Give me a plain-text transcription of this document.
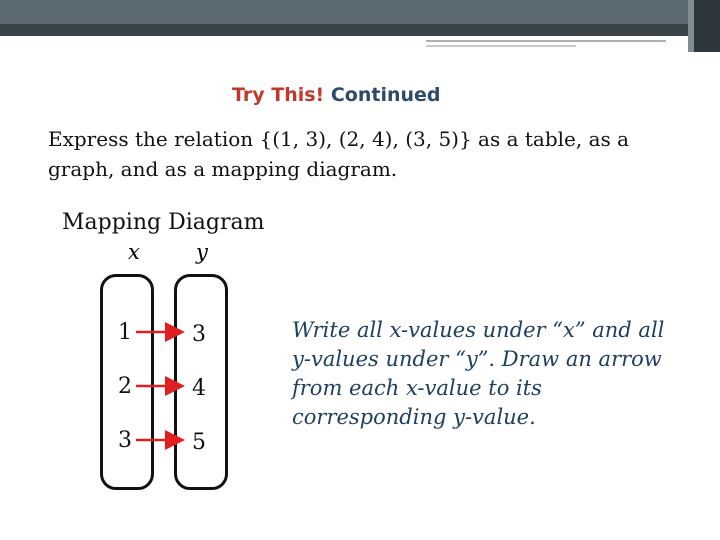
Try This! Continued
Express the relation {(1, 3), (2, 4), (3, 5)} as a table, as a graph, and as a mapping diagram.
Mapping Diagram
x	y
1
2
3
3
4
5
Write all x-values under “x” and all y-values under “y”. Draw an arrow from each x-value to its corresponding y-value.
